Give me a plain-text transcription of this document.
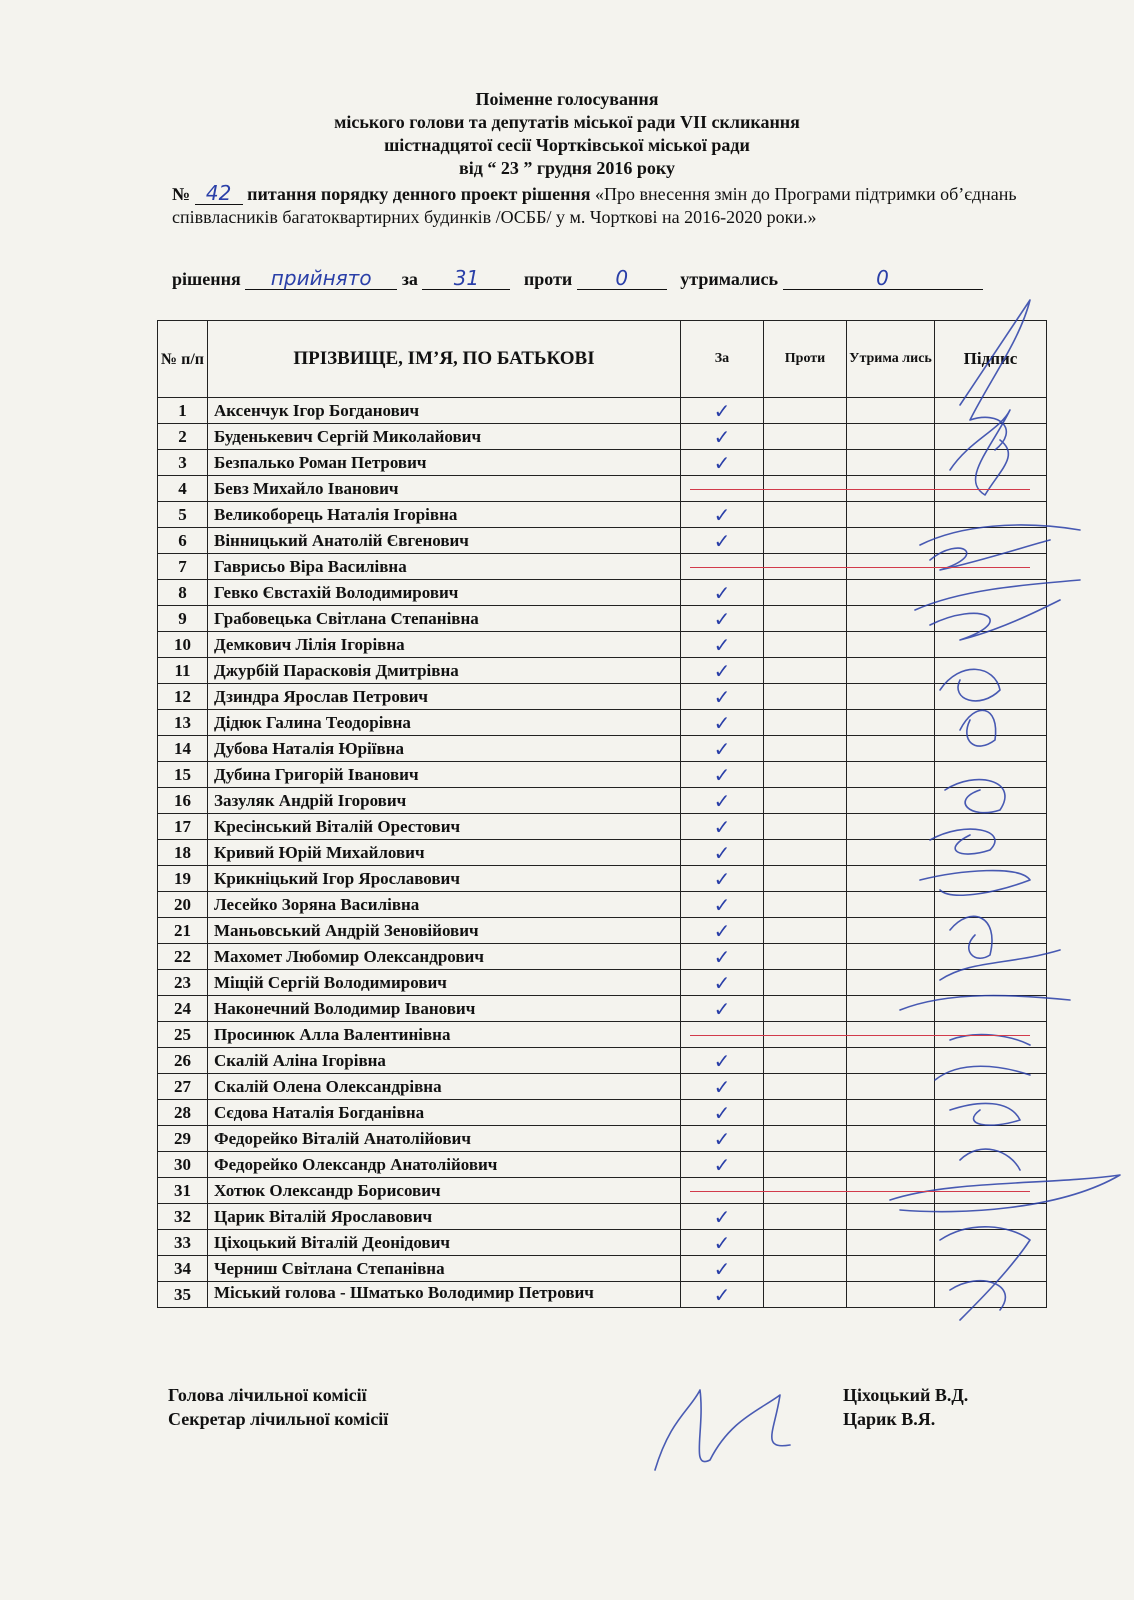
Поіменне голосування
міського голови та депутатів міської ради VII скликання
шістнадцятої сесії Чортківської міської ради
від “ 23 ” грудня 2016 року
№ 42 питання порядку денного проект рішення «Про внесення змін до Програми підтримки об’єднань співвласників багатоквартирних будинків /ОСББ/ у м. Чорткові на 2016-2020 роки.»
рішення прийнято за 31 проти 0	утримались	0
№ п/п	ПРІЗВИЩЕ, ІМ’Я, ПО БАТЬКОВІ	За	Проти	Утрима лись	Підпис
1	Аксенчук Ігор Богданович	✓			
2	Буденькевич Сергій Миколайович	✓			
3	Безпалько Роман Петрович	✓			
4	Бевз Михайло Іванович				
5	Великоборець Наталія Ігорівна	✓			
6	Вінницький Анатолій Євгенович	✓			
7	Гаврисьо Віра Василівна				
8	Гевко Євстахій Володимирович	✓			
9	Грабовецька Світлана Степанівна	✓			
10	Демкович Лілія Ігорівна	✓			
11	Джурбій Парасковія Дмитрівна	✓			
12	Дзиндра Ярослав Петрович	✓			
13	Дідюк Галина Теодорівна	✓			
14	Дубова Наталія Юріївна	✓			
15	Дубина Григорій Іванович	✓			
16	Зазуляк Андрій Ігорович	✓			
17	Кресінський Віталій Орестович	✓			
18	Кривий Юрій Михайлович	✓			
19	Крикніцький Ігор Ярославович	✓			
20	Лесейко Зоряна Василівна	✓			
21	Маньовський Андрій Зеновійович	✓			
22	Махомет Любомир Олександрович	✓			
23	Міщій Сергій Володимирович	✓			
24	Наконечний Володимир Іванович	✓			
25	Просинюк Алла Валентинівна				
26	Скалій Аліна Ігорівна	✓			
27	Скалій Олена Олександрівна	✓			
28	Сєдова Наталія Богданівна	✓			
29	Федорейко Віталій Анатолійович	✓			
30	Федорейко Олександр Анатолійович	✓			
31	Хотюк Олександр Борисович				
32	Царик Віталій Ярославович	✓			
33	Ціхоцький Віталій Деонідович	✓			
34	Черниш Світлана Степанівна	✓			
35	Міський голова - Шматько Володимир Петрович	✓			
Голова лічильної комісії	Ціхоцький В.Д.
Секретар лічильної комісії	Царик В.Я.
